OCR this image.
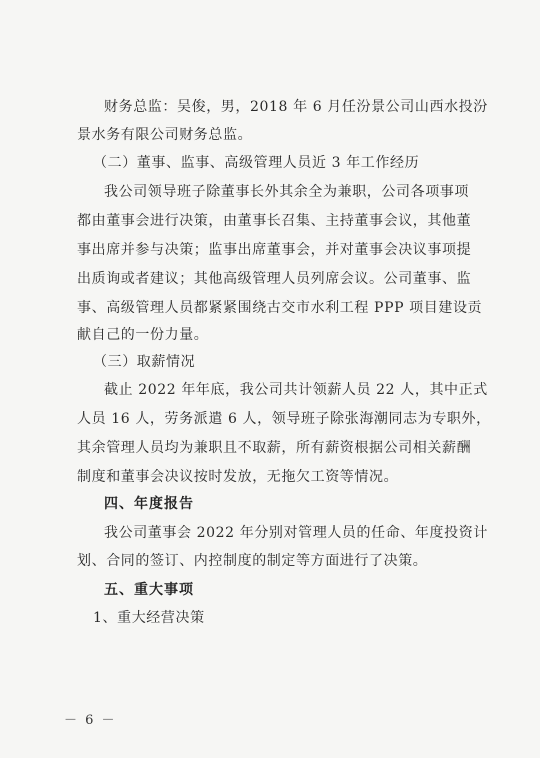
财务总监：吴俊，男，2018 年 6 月任汾景公司山西水投汾
景水务有限公司财务总监。
（二）董事、监事、高级管理人员近 3 年工作经历
我公司领导班子除董事长外其余全为兼职，公司各项事项
都由董事会进行决策，由董事长召集、主持董事会议，其他董
事出席并参与决策；监事出席董事会，并对董事会决议事项提
出质询或者建议；其他高级管理人员列席会议。公司董事、监
事、高级管理人员都紧紧围绕古交市水利工程 PPP 项目建设贡
献自己的一份力量。
（三）取薪情况
截止 2022 年年底，我公司共计领薪人员 22 人，其中正式
人员 16 人，劳务派遣 6 人，领导班子除张海潮同志为专职外，
其余管理人员均为兼职且不取薪，所有薪资根据公司相关薪酬
制度和董事会决议按时发放，无拖欠工资等情况。
四、年度报告
我公司董事会 2022 年分别对管理人员的任命、年度投资计
划、合同的签订、内控制度的制定等方面进行了决策。
五、重大事项
1、重大经营决策
－ 6 －
